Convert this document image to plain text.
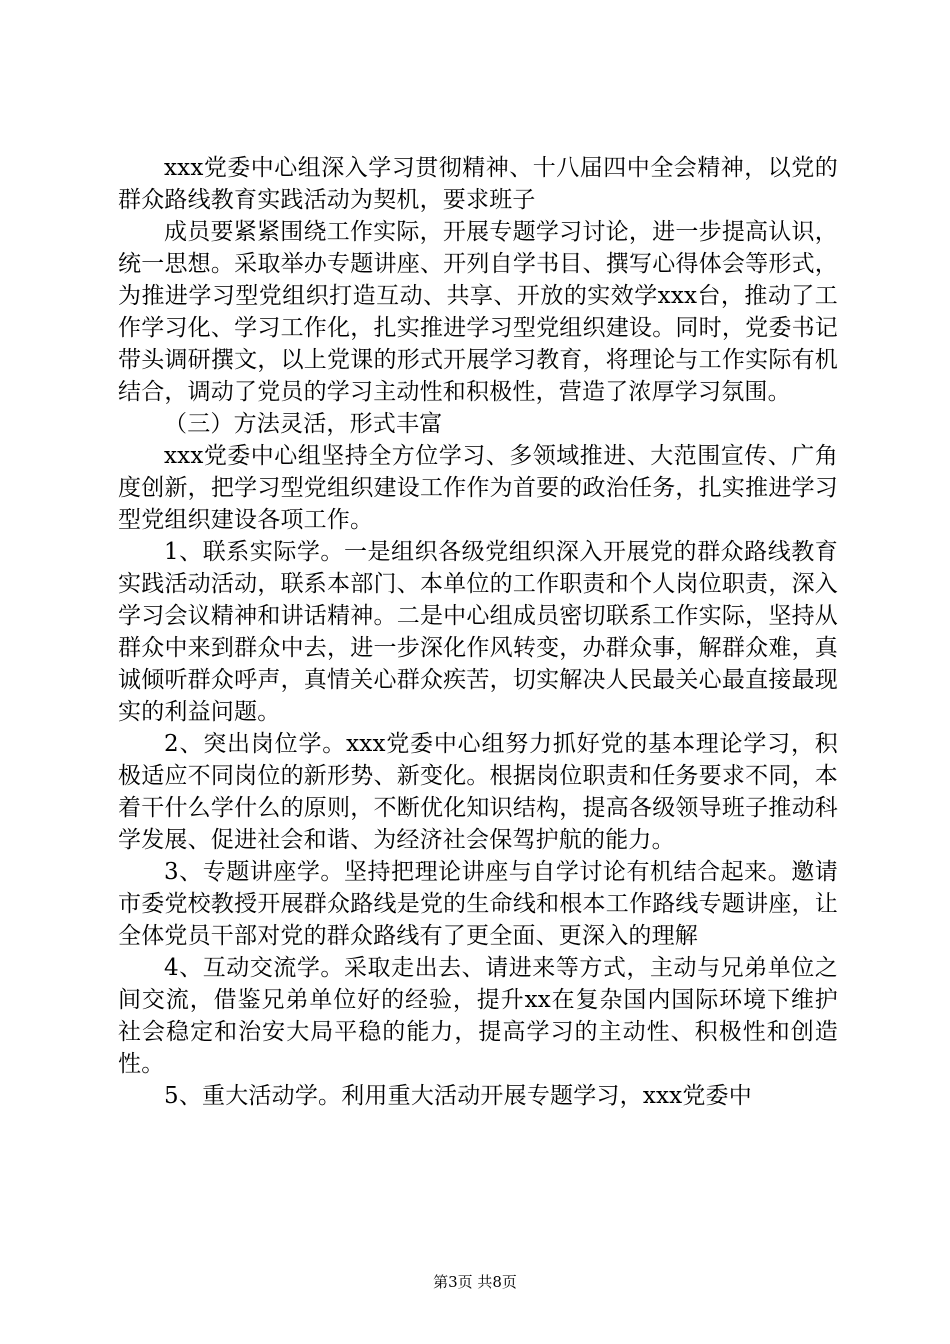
xxx党委中心组深入学习贯彻精神、十八届四中全会精神，以党的群众路线教育实践活动为契机，要求班子

成员要紧紧围绕工作实际，开展专题学习讨论，进一步提高认识，统一思想。采取举办专题讲座、开列自学书目、撰写心得体会等形式，为推进学习型党组织打造互动、共享、开放的实效学xxx台，推动了工作学习化、学习工作化，扎实推进学习型党组织建设。同时，党委书记带头调研撰文，以上党课的形式开展学习教育，将理论与工作实际有机结合，调动了党员的学习主动性和积极性，营造了浓厚学习氛围。

（三）方法灵活，形式丰富

xxx党委中心组坚持全方位学习、多领域推进、大范围宣传、广角度创新，把学习型党组织建设工作作为首要的政治任务，扎实推进学习型党组织建设各项工作。

1、联系实际学。一是组织各级党组织深入开展党的群众路线教育实践活动活动，联系本部门、本单位的工作职责和个人岗位职责，深入学习会议精神和讲话精神。二是中心组成员密切联系工作实际，坚持从群众中来到群众中去，进一步深化作风转变，办群众事，解群众难，真诚倾听群众呼声，真情关心群众疾苦，切实解决人民最关心最直接最现实的利益问题。

2、突出岗位学。xxx党委中心组努力抓好党的基本理论学习，积极适应不同岗位的新形势、新变化。根据岗位职责和任务要求不同，本着干什么学什么的原则，不断优化知识结构，提高各级领导班子推动科学发展、促进社会和谐、为经济社会保驾护航的能力。

3、专题讲座学。坚持把理论讲座与自学讨论有机结合起来。邀请市委党校教授开展群众路线是党的生命线和根本工作路线专题讲座，让全体党员干部对党的群众路线有了更全面、更深入的理解

4、互动交流学。采取走出去、请进来等方式，主动与兄弟单位之间交流，借鉴兄弟单位好的经验，提升xx在复杂国内国际环境下维护社会稳定和治安大局平稳的能力，提高学习的主动性、积极性和创造性。

5、重大活动学。利用重大活动开展专题学习，xxx党委中

第3页 共8页
